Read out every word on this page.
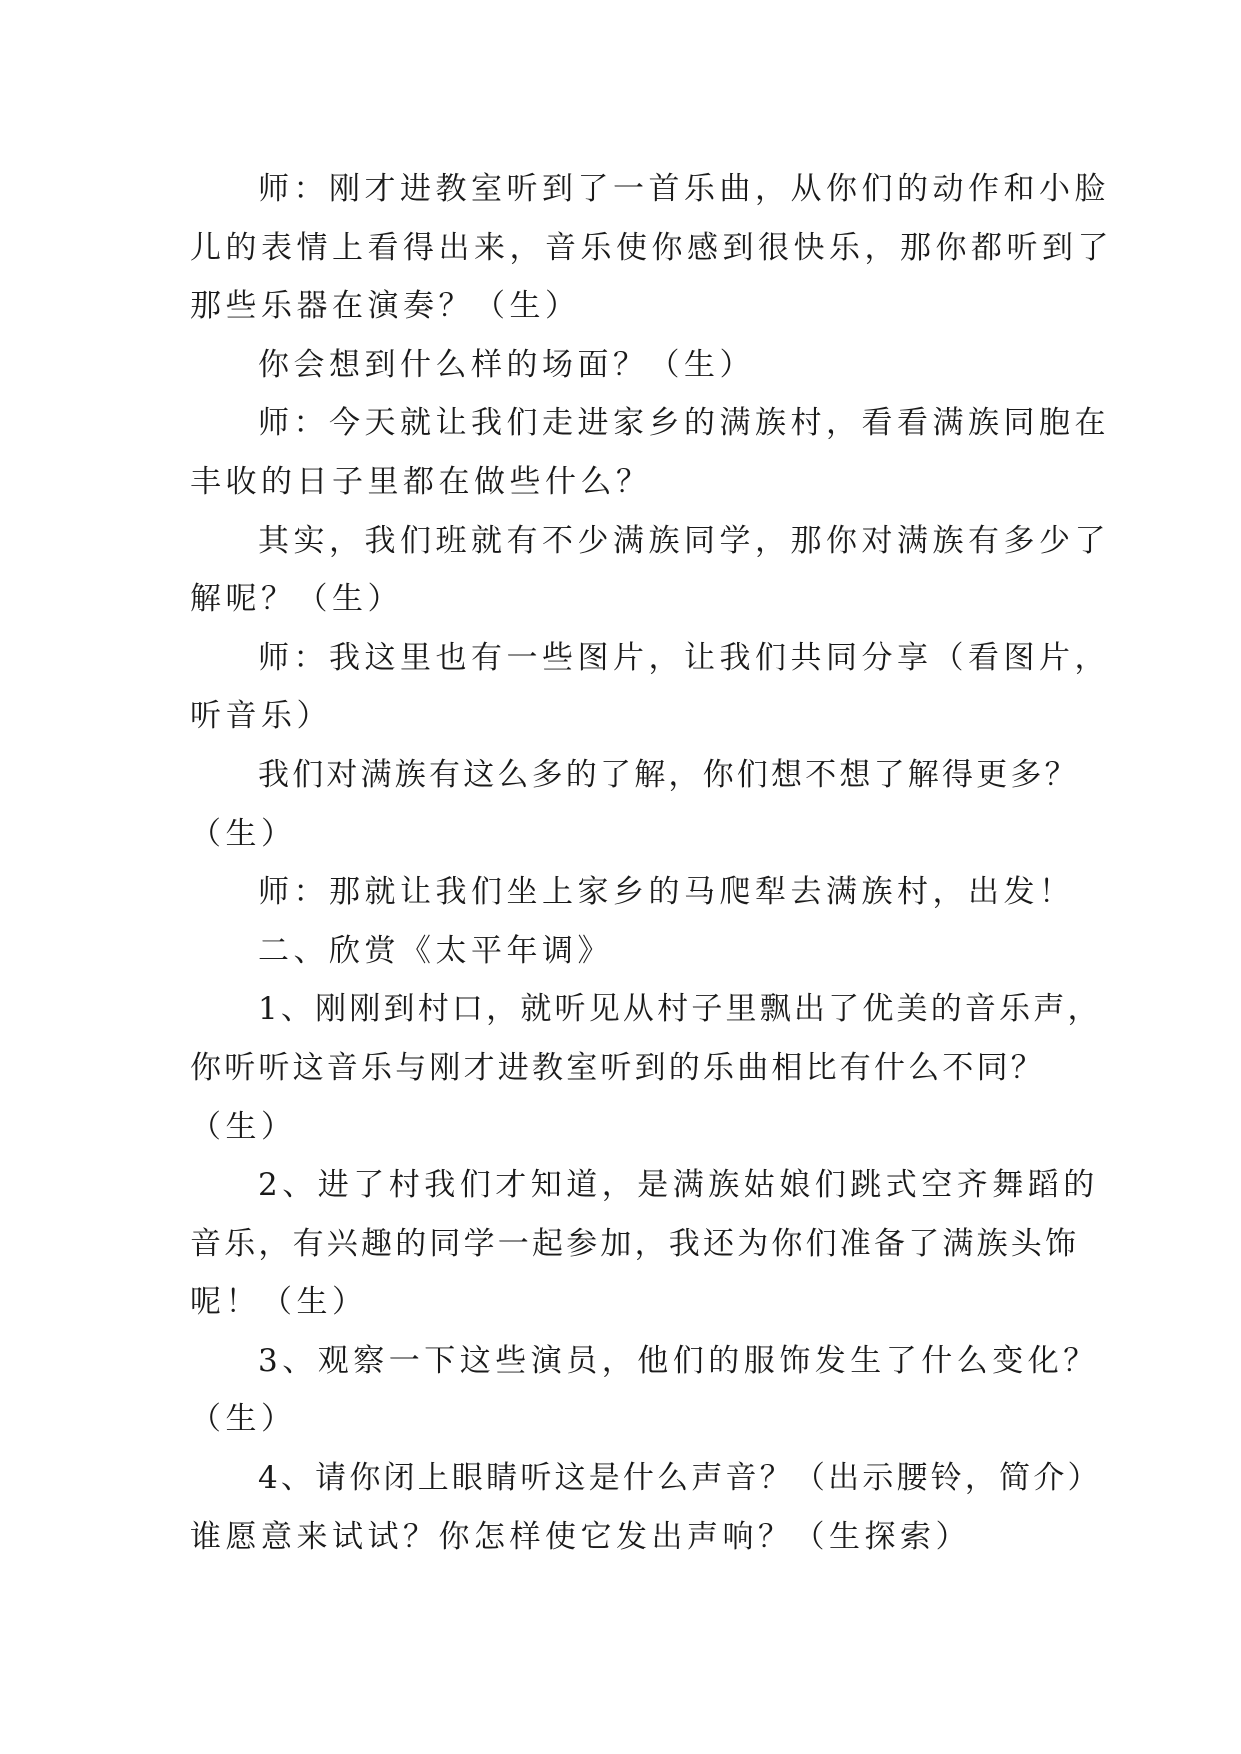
师：刚才进教室听到了一首乐曲，从你们的动作和小脸
儿的表情上看得出来，音乐使你感到很快乐，那你都听到了
那些乐器在演奏？（生）
你会想到什么样的场面？（生）
师：今天就让我们走进家乡的满族村，看看满族同胞在
丰收的日子里都在做些什么？
其实，我们班就有不少满族同学，那你对满族有多少了
解呢？（生）
师：我这里也有一些图片，让我们共同分享（看图片，
听音乐）
我们对满族有这么多的了解，你们想不想了解得更多？
（生）
师：那就让我们坐上家乡的马爬犁去满族村，出发！
二、欣赏《太平年调》
1、刚刚到村口，就听见从村子里飘出了优美的音乐声，
你听听这音乐与刚才进教室听到的乐曲相比有什么不同？
（生）
2、进了村我们才知道，是满族姑娘们跳式空齐舞蹈的
音乐，有兴趣的同学一起参加，我还为你们准备了满族头饰
呢！（生）
3、观察一下这些演员，他们的服饰发生了什么变化？
（生）
4、请你闭上眼睛听这是什么声音？（出示腰铃，简介）
谁愿意来试试？你怎样使它发出声响？（生探索）
